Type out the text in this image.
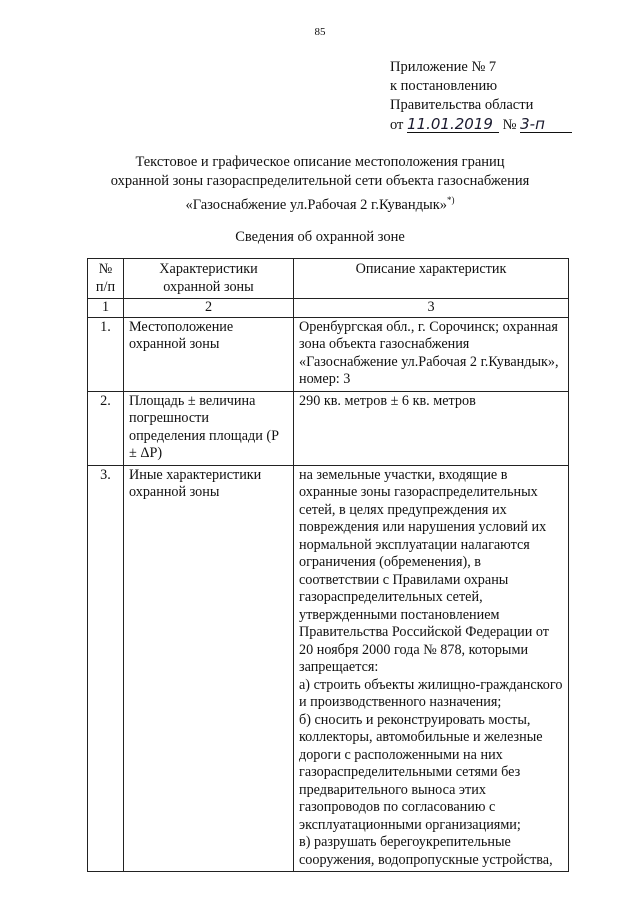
85
Приложение № 7
к постановлению
Правительства области
от 11.01.2019 № 3-п
Текстовое и графическое описание местоположения границ
охранной зоны газораспределительной сети объекта газоснабжения
«Газоснабжение ул.Рабочая 2 г.Кувандык»*)
Сведения об охранной зоне
№ п/п	Характеристики охранной зоны	Описание характеристик
1	2	3
1.	Местоположение охранной зоны	Оренбургская обл., г. Сорочинск; охранная зона объекта газоснабжения «Газоснабжение ул.Рабочая 2 г.Кувандык», номер: 3
2.	Площадь ± величина погрешности определения площади (P ± ΔP)	290 кв. метров ± 6 кв. метров
3.	Иные характеристики охранной зоны	на земельные участки, входящие в охранные зоны газораспределительных сетей, в целях предупреждения их повреждения или нарушения условий их нормальной эксплуатации налагаются ограничения (обременения), в соответствии с Правилами охраны газораспределительных сетей, утвержденными постановлением Правительства Российской Федерации от 20 ноября 2000 года № 878, которыми запрещается:
а) строить объекты жилищно-гражданского и производственного назначения;
б) сносить и реконструировать мосты, коллекторы, автомобильные и железные дороги с расположенными на них газораспределительными сетями без предварительного выноса этих газопроводов по согласованию с эксплуатационными организациями;
в) разрушать берегоукрепительные сооружения, водопропускные устройства,
